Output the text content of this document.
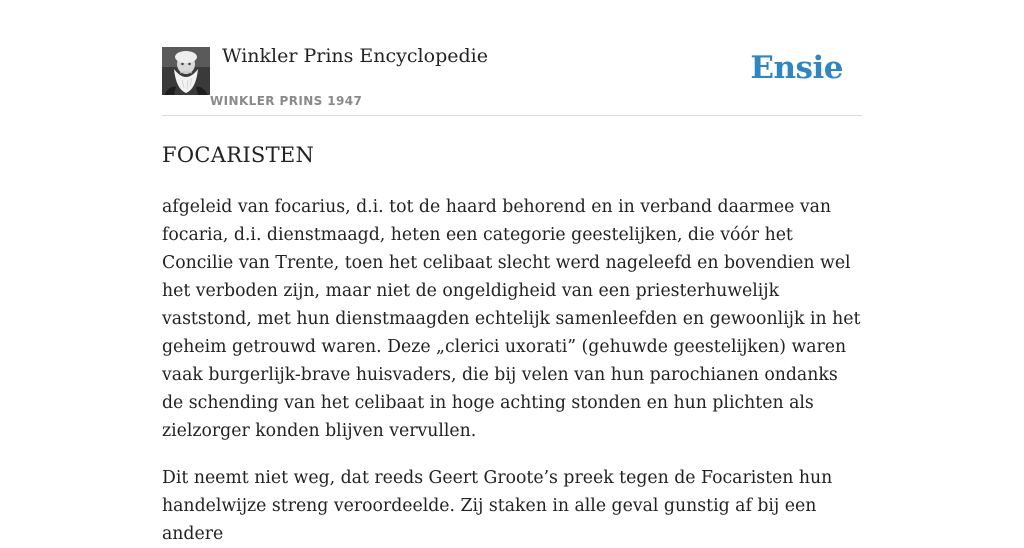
Winkler Prins Encyclopedie
WINKLER PRINS 1947
Ensie
FOCARISTEN

afgeleid van focarius, d.i. tot de haard behorend en in verband daarmee van focaria, d.i. dienstmaagd, heten een categorie geestelijken, die vóór het Concilie van Trente, toen het celibaat slecht werd nageleefd en bovendien wel het verboden zijn, maar niet de ongeldigheid van een priesterhuwelijk vaststond, met hun dienstmaagden echtelijk samenleefden en gewoonlijk in het geheim getrouwd waren. Deze „clerici uxorati” (gehuwde geestelijken) waren vaak burgerlijk-brave huisvaders, die bij velen van hun parochianen ondanks de schending van het celibaat in hoge achting stonden en hun plichten als zielzorger konden blijven vervullen.

Dit neemt niet weg, dat reeds Geert Groote’s preek tegen de Focaristen hun handelwijze streng veroordeelde. Zij staken in alle geval gunstig af bij een andere
